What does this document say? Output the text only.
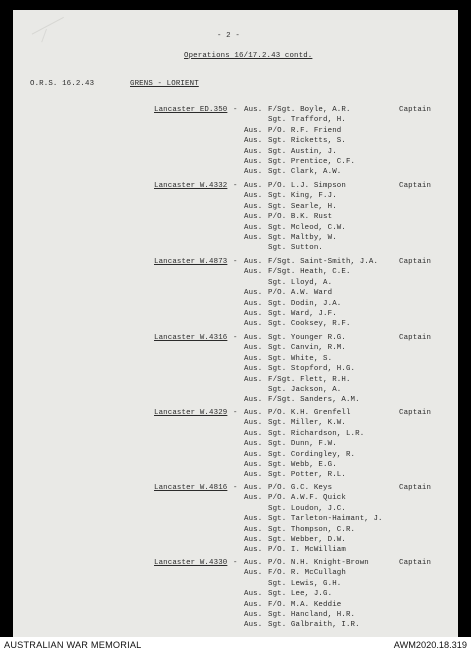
- 2 -
Operations 16/17.2.43 contd.
O.R.S. 16.2.43	GRENS - LORIENT
Lancaster ED.350 - Aus. F/Sgt. Boyle, A.R.	Captain
Sgt. Trafford, H.
Aus. P/O. R.F. Friend
Aus. Sgt. Ricketts, S.
Aus. Sgt. Austin, J.
Aus. Sgt. Prentice, C.F.
Aus. Sgt. Clark, A.W.
Lancaster W.4332 - Aus. P/O. L.J. Simpson	Captain
Aus. Sgt. King, F.J.
Aus. Sgt. Searle, H.
Aus. P/O. B.K. Rust
Aus. Sgt. Mcleod, C.W.
Aus. Sgt. Maltby, W.
Sgt. Sutton.
Lancaster W.4873 - Aus. F/Sgt. Saint-Smith, J.A.	Captain
Aus. F/Sgt. Heath, C.E.
Sgt. Lloyd, A.
Aus. P/O. A.W. Ward
Aus. Sgt. Dodin, J.A.
Aus. Sgt. Ward, J.F.
Aus. Sgt. Cooksey, R.F.
Lancaster W.4316 - Aus. Sgt. Younger R.G.	Captain
Aus. Sgt. Canvin, R.M.
Aus. Sgt. White, S.
Aus. Sgt. Stopford, H.G.
Aus. F/Sgt. Flett, R.H.
Sgt. Jackson, A.
Aus. F/Sgt. Sanders, A.M.
Lancaster W.4329 - Aus. P/O. K.H. Grenfell	Captain
Aus. Sgt. Miller, K.W.
Aus. Sgt. Richardson, L.R.
Aus. Sgt. Dunn, F.W.
Aus. Sgt. Cordingley, R.
Aus. Sgt. Webb, E.G.
Aus. Sgt. Potter, R.L.
Lancaster W.4816 - Aus. P/O. G.C. Keys	Captain
Aus. P/O. A.W.F. Quick
Sgt. Loudon, J.C.
Aus. Sgt. Tarleton-Haimant, J.
Aus. Sgt. Thompson, C.R.
Aus. Sgt. Webber, D.W.
Aus. P/O. I. McWilliam
Lancaster W.4330 - Aus. P/O. N.H. Knight-Brown	Captain
Aus. F/O. R. McCullagh
Sgt. Lewis, G.H.
Aus. Sgt. Lee, J.G.
Aus. F/O. M.A. Keddie
Aus. Sgt. Hancland, H.R.
Aus. Sgt. Galbraith, I.R.
AUSTRALIAN WAR MEMORIAL	AWM2020.18.319
